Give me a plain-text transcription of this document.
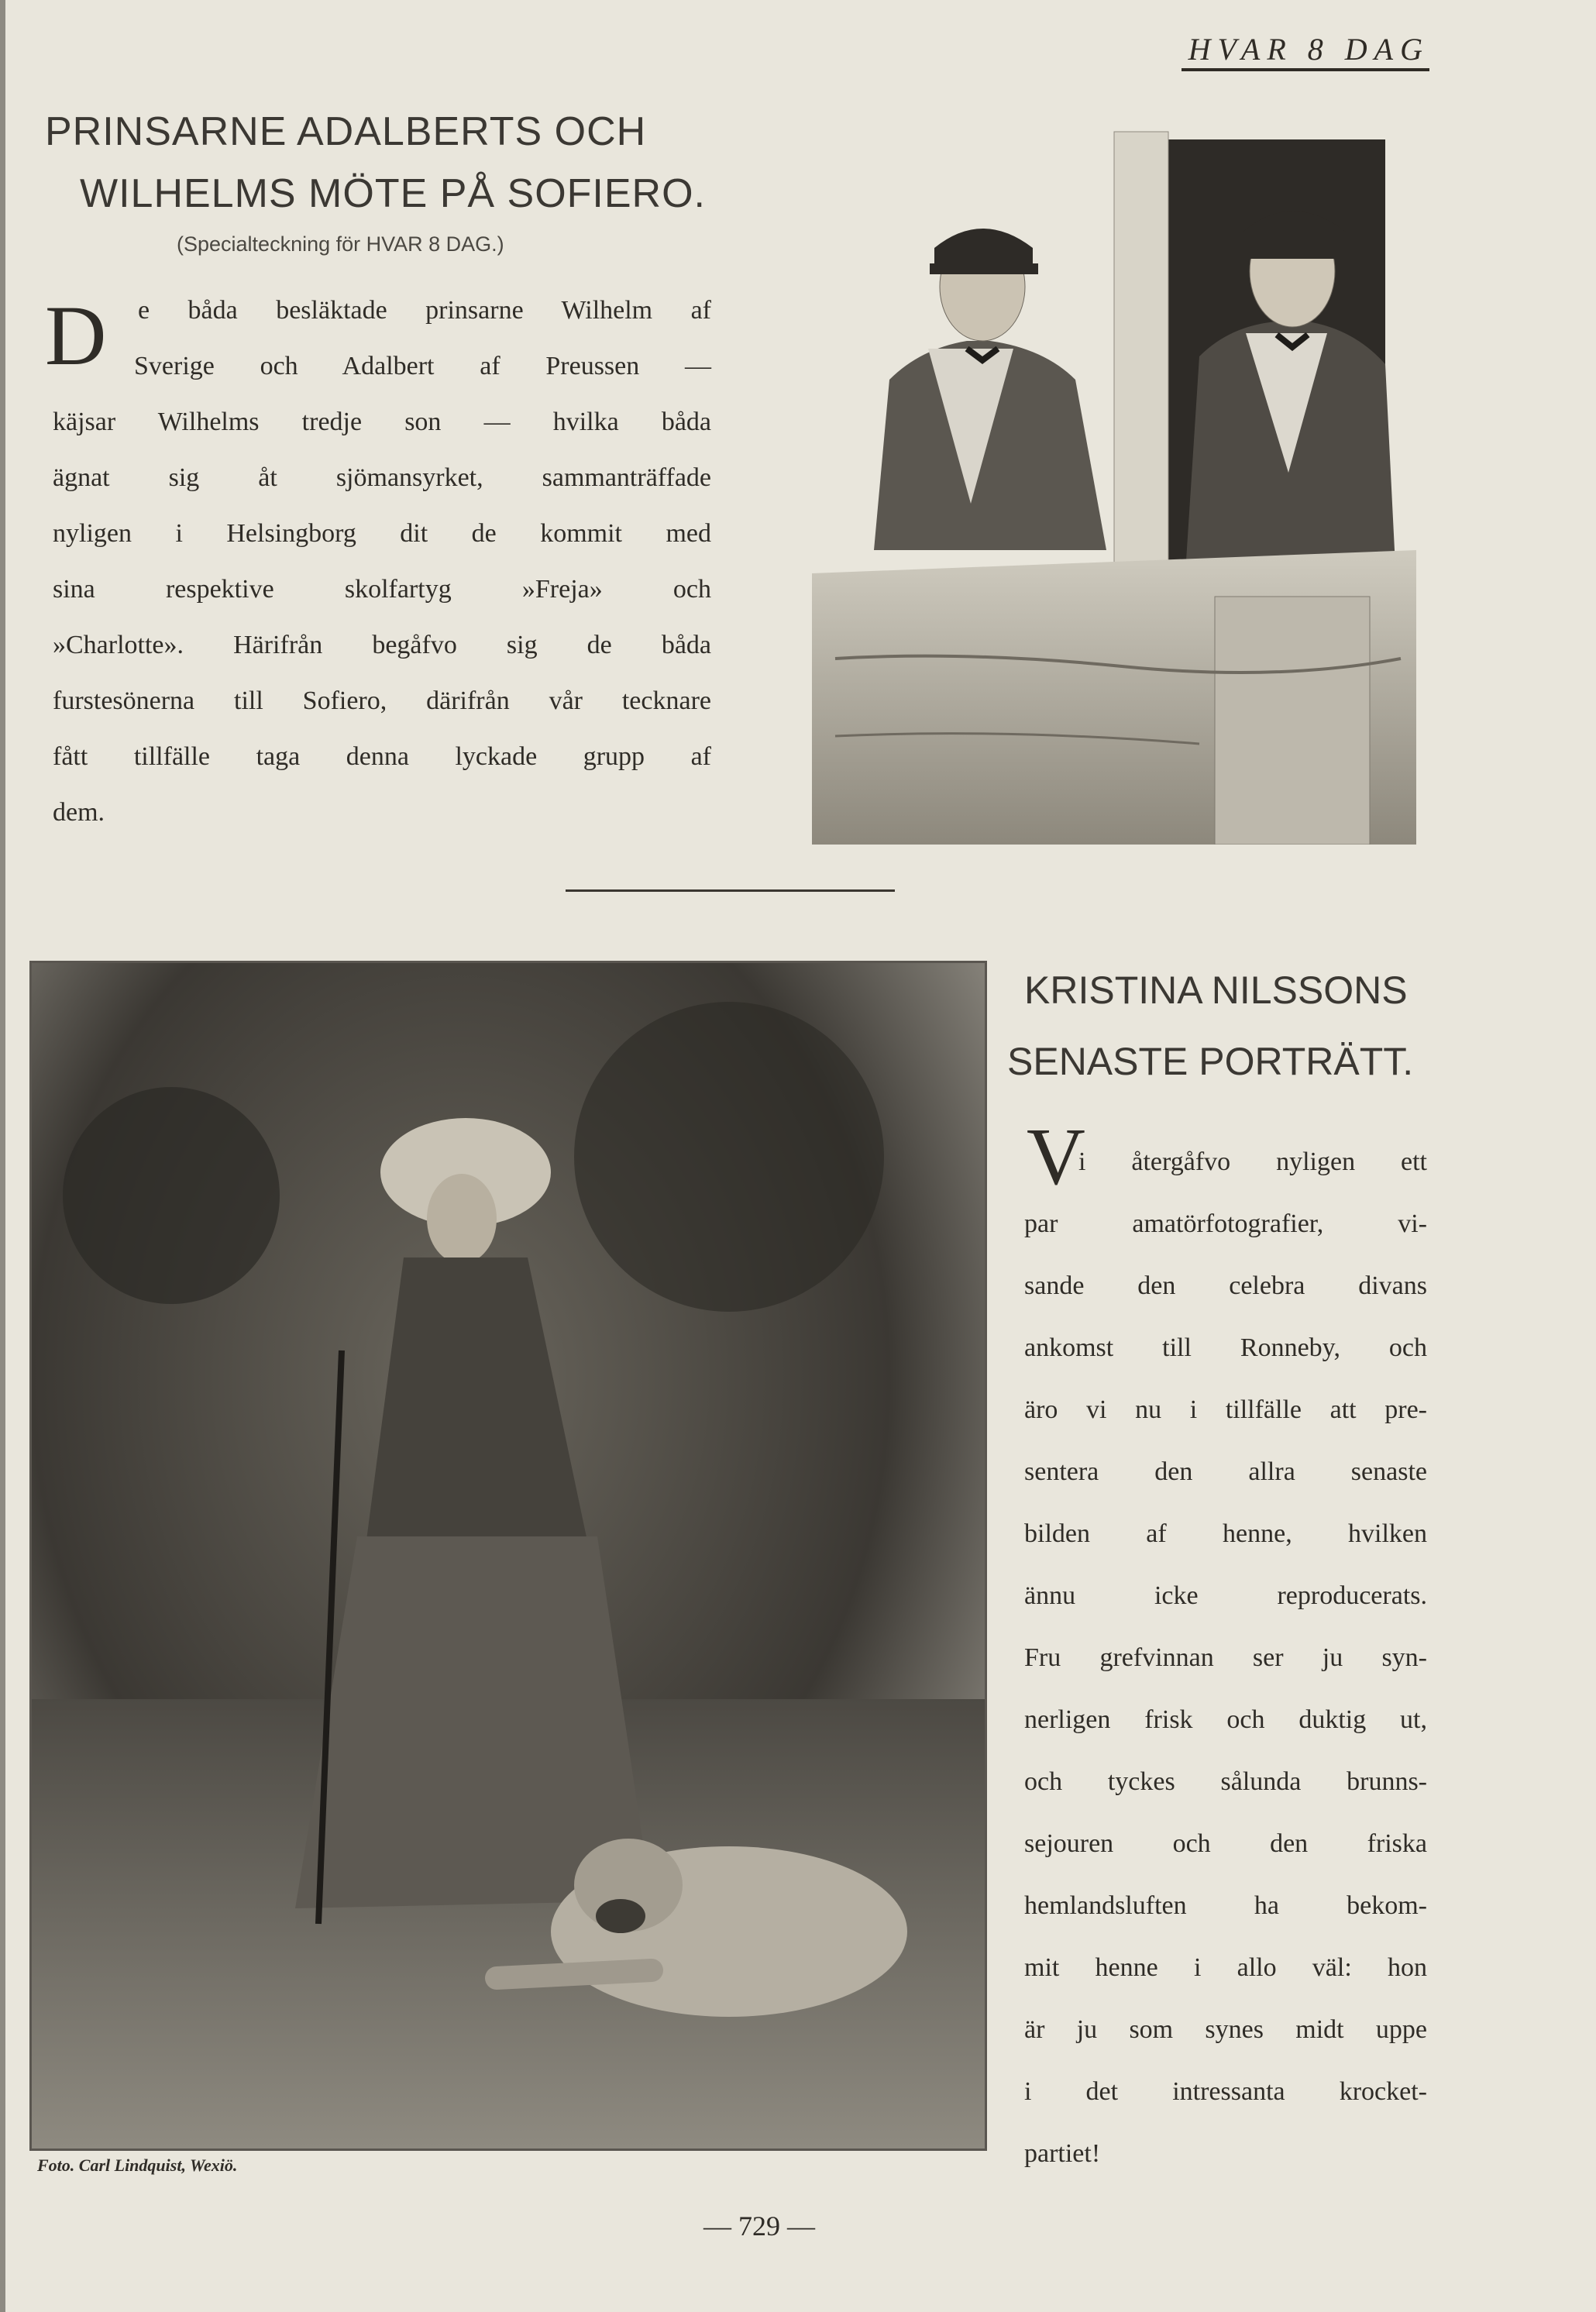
HVAR 8 DAG
PRINSARNE ADALBERTS OCH
WILHELMS MÖTE PÅ SOFIERO.
(Specialteckning för HVAR 8 DAG.)
D e båda besläktade prinsarne Wilhelm af
Sverige och Adalbert af Preussen —
käjsar Wilhelms tredje son — hvilka båda
ägnat sig åt sjömansyrket, sammanträffade
nyligen i Helsingborg dit de kommit med
sina respektive skolfartyg »Freja» och
»Charlotte». Härifrån begåfvo sig de båda
furstesönerna till Sofiero, därifrån vår tecknare
fått tillfälle taga denna lyckade grupp af
dem.
Foto. Carl Lindquist, Wexiö.
KRISTINA NILSSONS
SENASTE PORTRÄTT.
V
i återgåfvo nyligen ett
par amatörfotografier, vi-
sande den celebra divans
ankomst till Ronneby, och
äro vi nu i tillfälle att pre-
sentera den allra senaste
bilden af henne, hvilken
ännu icke reproducerats.
Fru grefvinnan ser ju syn-
nerligen frisk och duktig ut,
och tyckes sålunda brunns-
sejouren och den friska
hemlandsluften ha bekom-
mit henne i allo väl: hon
är ju som synes midt uppe
i det intressanta krocket-
partiet!
— 729 —
